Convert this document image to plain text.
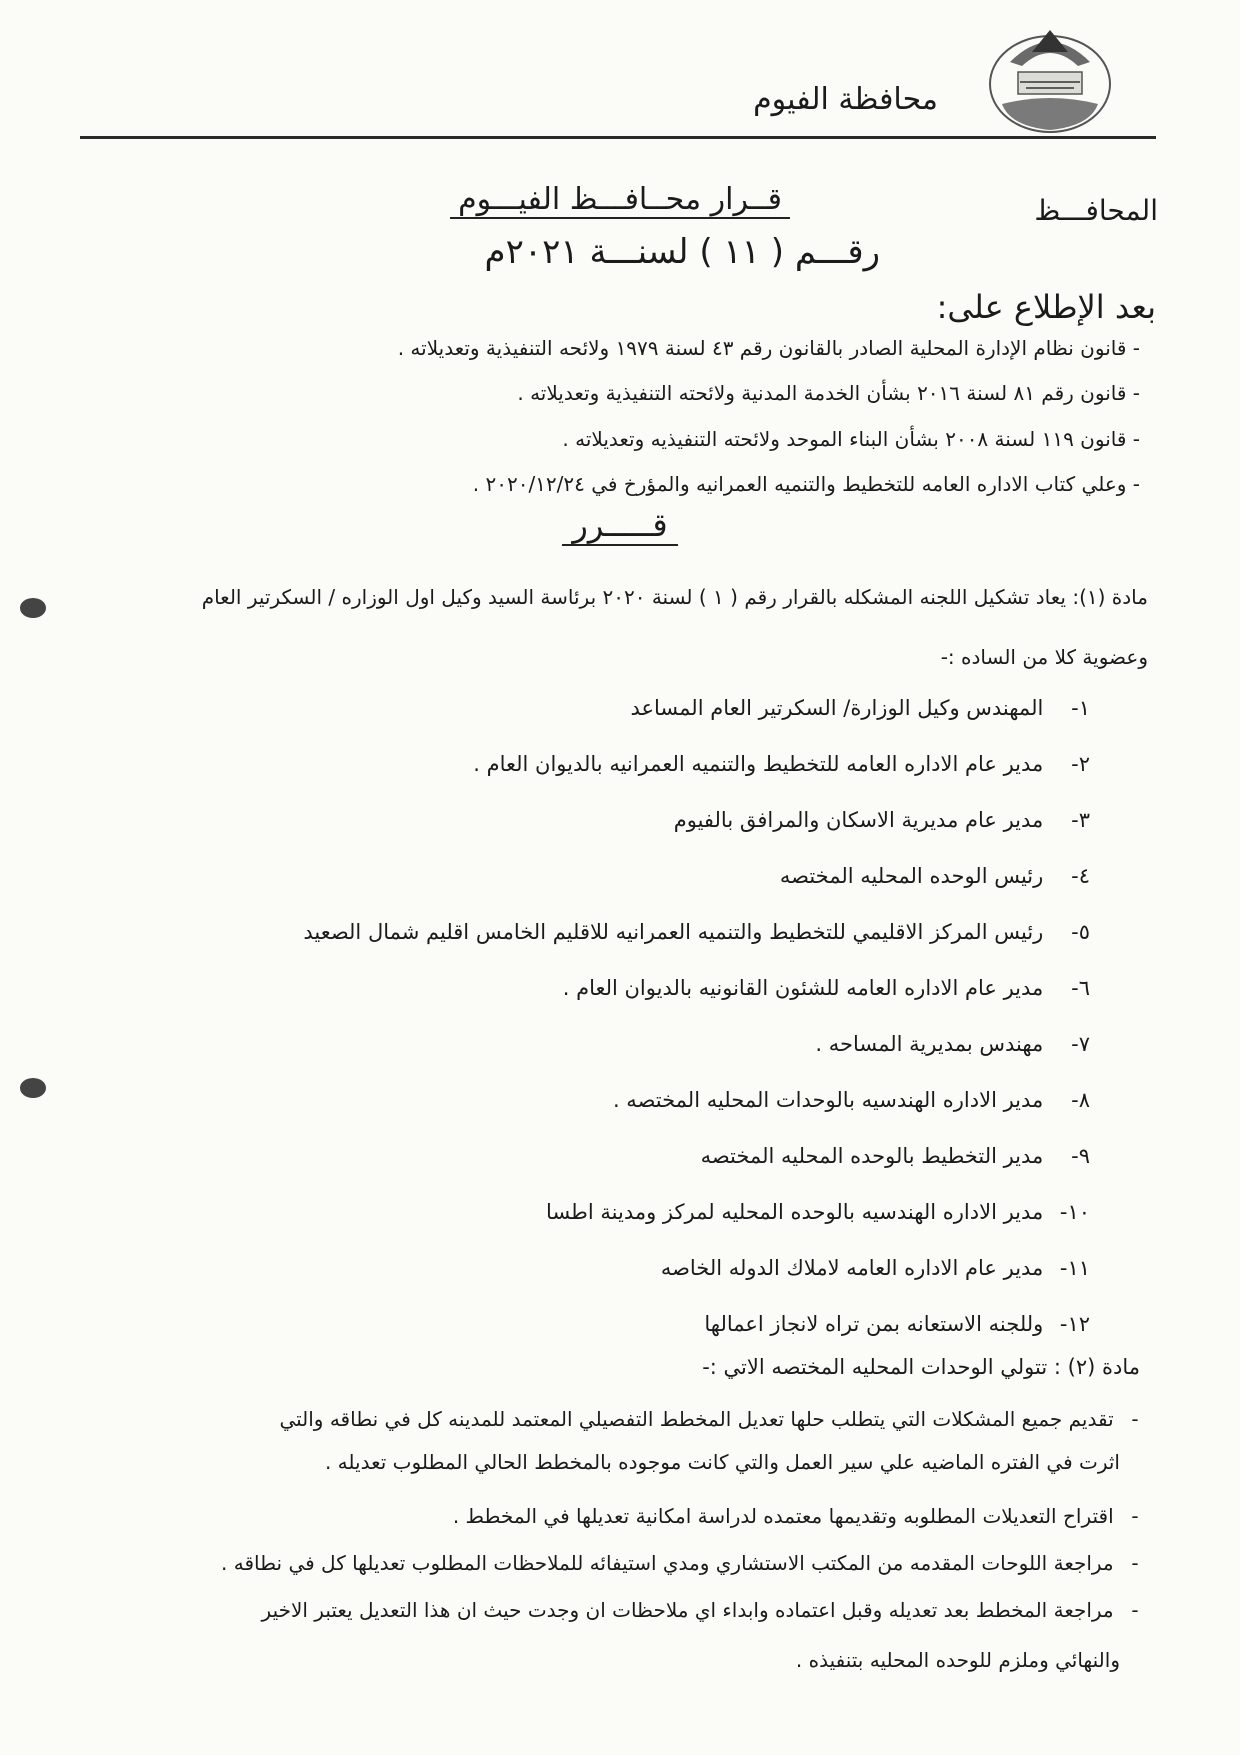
محافظة الفيوم
المحافـــظ
قــرار محــافـــظ الفيـــوم
رقـــم ( ١١ ) لسنـــة ٢٠٢١م
بعد الإطلاع على:
- قانون نظام الإدارة المحلية الصادر بالقانون رقم ٤٣ لسنة ١٩٧٩ ولائحه التنفيذية وتعديلاته .
- قانون رقم ٨١ لسنة ٢٠١٦ بشأن الخدمة المدنية ولائحته التنفيذية وتعديلاته .
- قانون ١١٩ لسنة ٢٠٠٨ بشأن البناء الموحد ولائحته التنفيذيه وتعديلاته .
- وعلي كتاب الاداره العامه للتخطيط والتنميه العمرانيه والمؤرخ في ٢٠٢٠/١٢/٢٤ .
قـــــرر
مادة (١): يعاد تشكيل اللجنه المشكله بالقرار رقم ( ١ ) لسنة ٢٠٢٠ برئاسة السيد وكيل اول الوزاره / السكرتير العام
وعضوية كلا من الساده :-
١- المهندس وكيل الوزارة/ السكرتير العام المساعد
٢- مدير عام الاداره العامه للتخطيط والتنميه العمرانيه بالديوان العام .
٣- مدير عام مديرية الاسكان والمرافق بالفيوم
٤- رئيس الوحده المحليه المختصه
٥- رئيس المركز الاقليمي للتخطيط والتنميه العمرانيه للاقليم الخامس اقليم شمال الصعيد
٦- مدير عام الاداره العامه للشئون القانونيه بالديوان العام .
٧- مهندس بمديرية المساحه .
٨- مدير الاداره الهندسيه بالوحدات المحليه المختصه .
٩- مدير التخطيط بالوحده المحليه المختصه
١٠- مدير الاداره الهندسيه بالوحده المحليه لمركز ومدينة اطسا
١١- مدير عام الاداره العامه لاملاك الدوله الخاصه
١٢- وللجنه الاستعانه بمن تراه لانجاز اعمالها
مادة (٢) : تتولي الوحدات المحليه المختصه الاتي :-
- تقديم جميع المشكلات التي يتطلب حلها تعديل المخطط التفصيلي المعتمد للمدينه كل في نطاقه والتي
اثرت في الفتره الماضيه علي سير العمل والتي كانت موجوده بالمخطط الحالي المطلوب تعديله .
- اقتراح التعديلات المطلوبه وتقديمها معتمده لدراسة امكانية تعديلها في المخطط .
- مراجعة اللوحات المقدمه من المكتب الاستشاري ومدي استيفائه للملاحظات المطلوب تعديلها كل في نطاقه .
- مراجعة المخطط بعد تعديله وقبل اعتماده وابداء اي ملاحظات ان وجدت حيث ان هذا التعديل يعتبر الاخير
والنهائي وملزم للوحده المحليه بتنفيذه .
